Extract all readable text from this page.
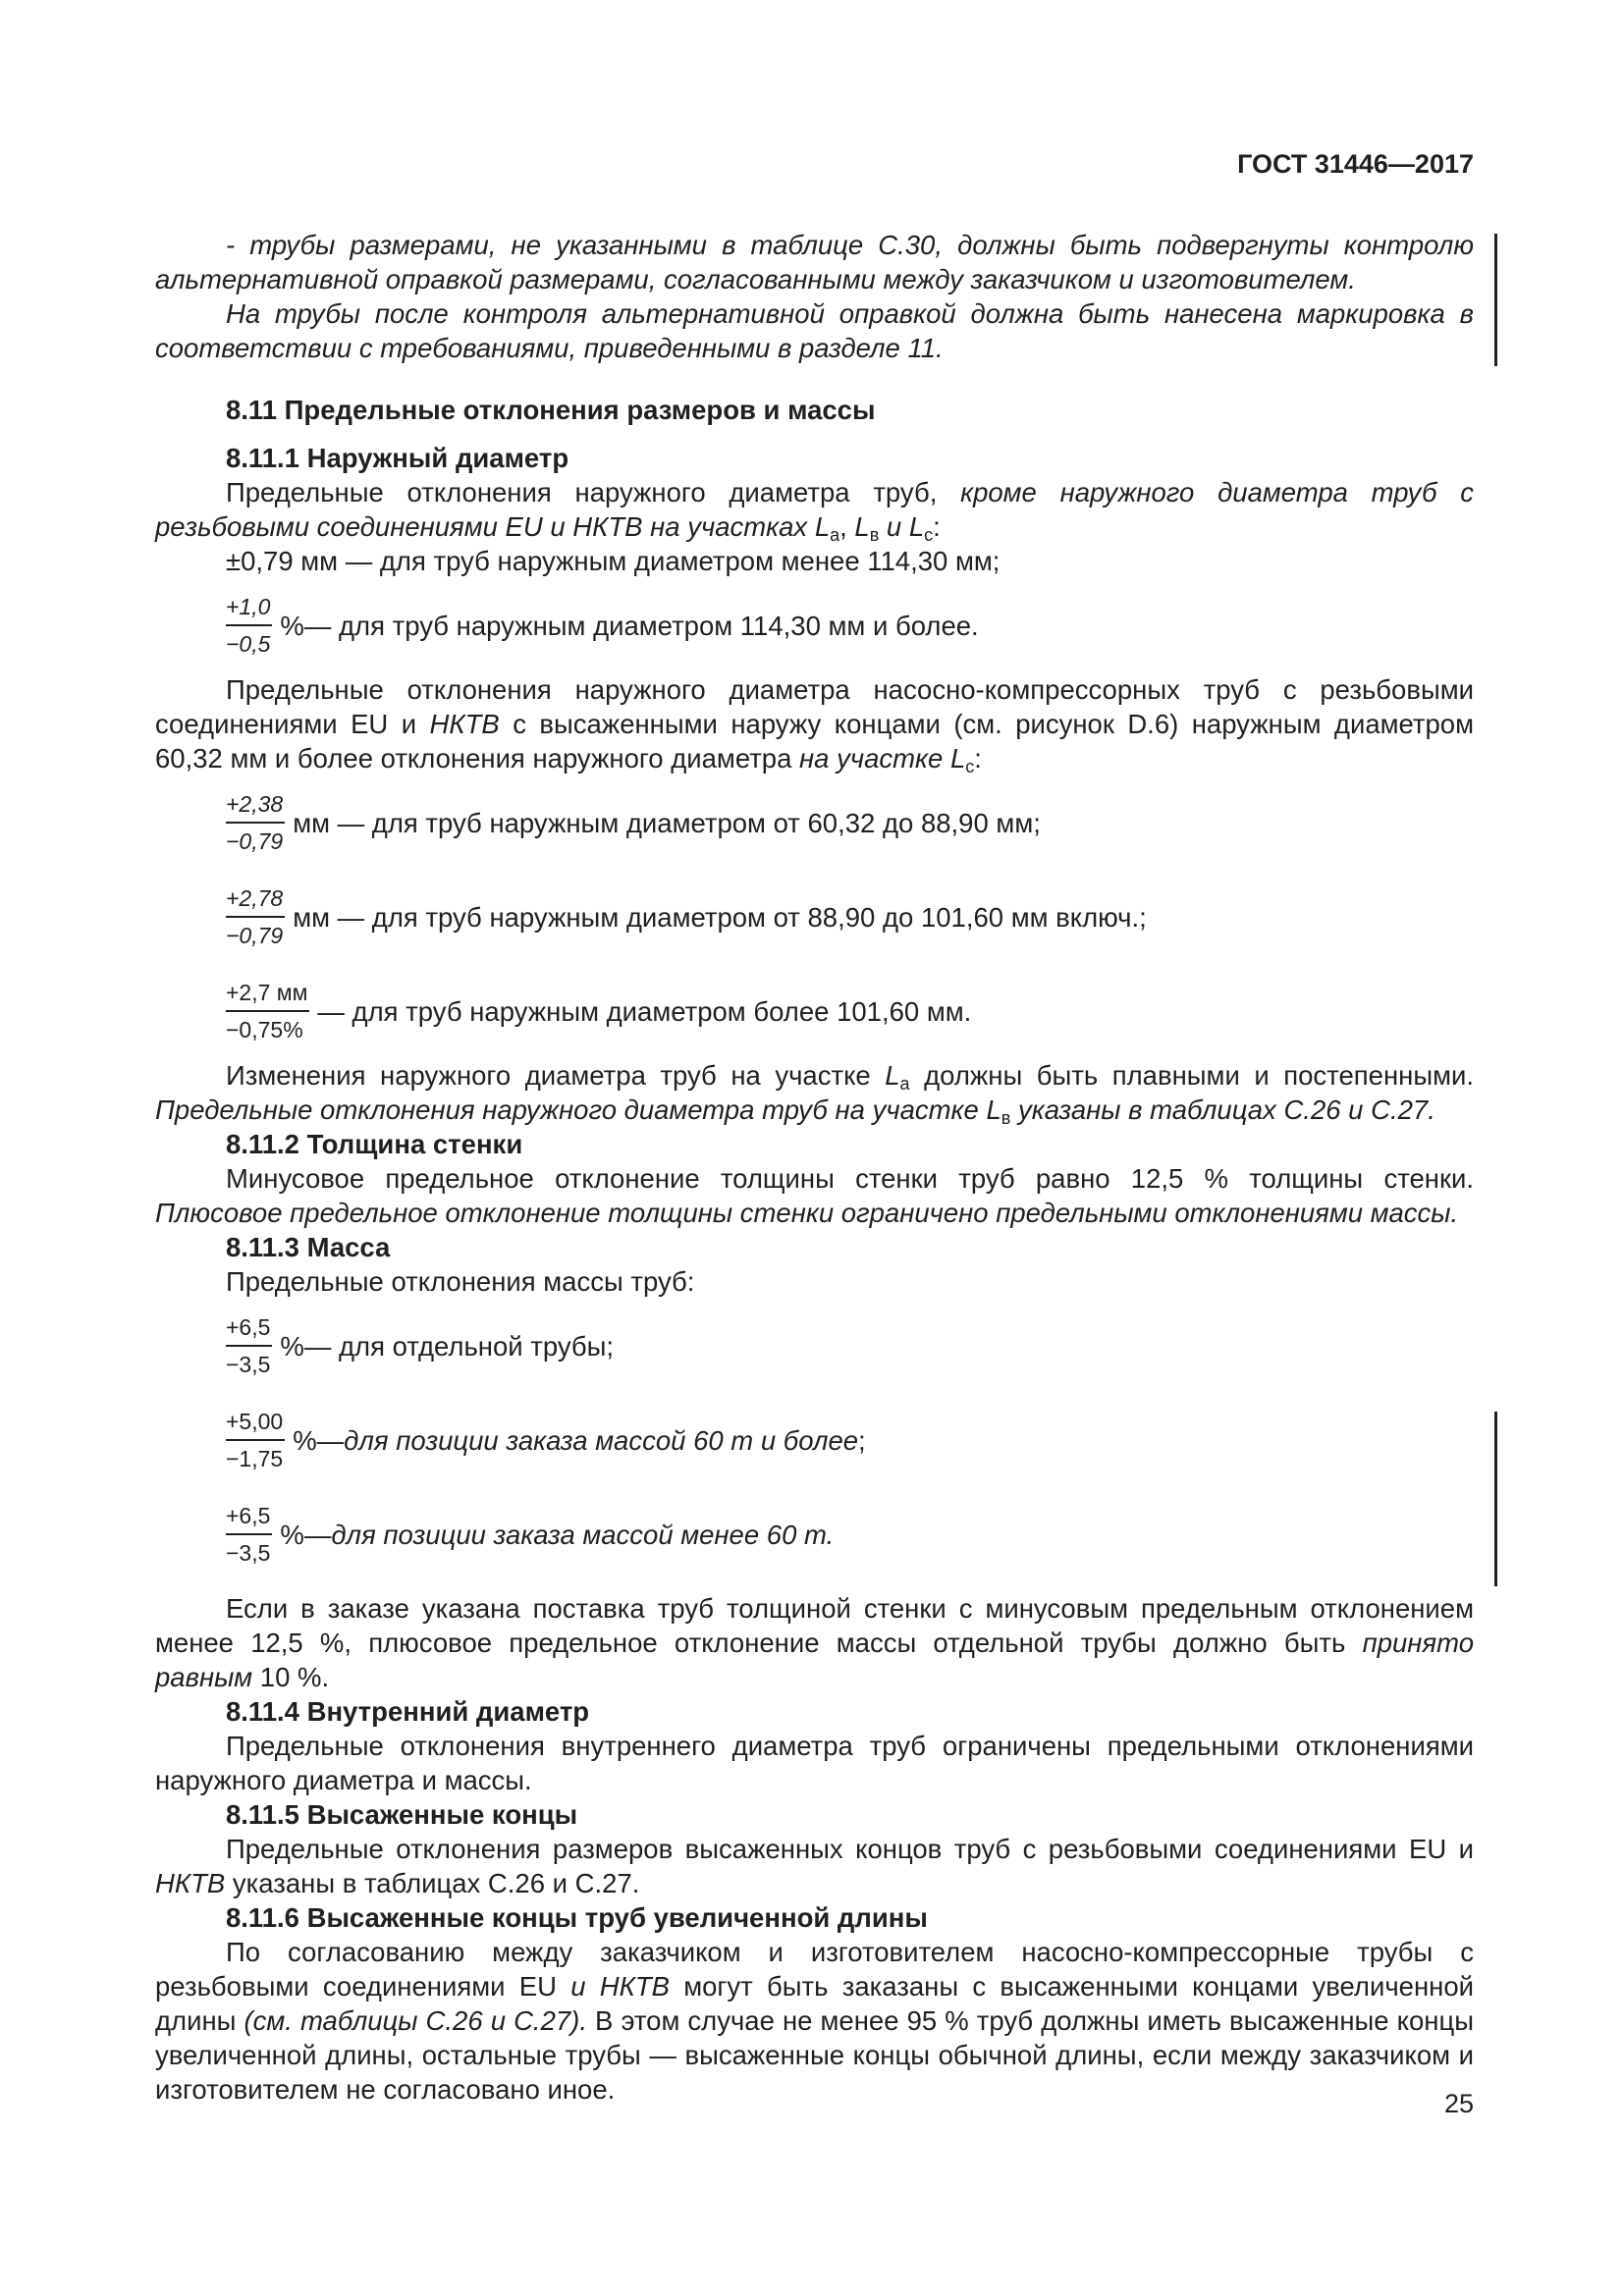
ГОСТ 31446—2017

- трубы размерами, не указанными в таблице С.30, должны быть подвергнуты контролю альтернативной оправкой размерами, согласованными между заказчиком и изготовителем.

На трубы после контроля альтернативной оправкой должна быть нанесена маркировка в соответствии с требованиями, приведенными в разделе 11.

8.11 Предельные отклонения размеров и массы
8.11.1 Наружный диаметр

Предельные отклонения наружного диаметра труб, кроме наружного диаметра труб с резьбовыми соединениями EU и НКТВ на участках $L_а$, $L_в$ и $L_c$:

±0,79 мм — для труб наружным диаметром менее 114,30 мм;

$\frac{+1,0}{-0,5}$ % — для труб наружным диаметром 114,30 мм и более.

Предельные отклонения наружного диаметра насосно-компрессорных труб с резьбовыми соединениями EU и НКТВ с высаженными наружу концами (см. рисунок D.6) наружным диаметром 60,32 мм и более отклонения наружного диаметра на участке $L_c$:

$\frac{+2,38}{-0,79}$ мм — для труб наружным диаметром от 60,32 до 88,90 мм;
$\frac{+2,78}{-0,79}$ мм — для труб наружным диаметром от 88,90 до 101,60 мм включ.;
$\frac{+2,7 мм}{-0,75\%}$ — для труб наружным диаметром более 101,60 мм.

Изменения наружного диаметра труб на участке $L_а$ должны быть плавными и постепенными. Предельные отклонения наружного диаметра труб на участке $L_в$ указаны в таблицах С.26 и С.27.

8.11.2 Толщина стенки

Минусовое предельное отклонение толщины стенки труб равно 12,5 % толщины стенки. Плюсовое предельное отклонение толщины стенки ограничено предельными отклонениями массы.

8.11.3 Масса

Предельные отклонения массы труб:

$\frac{+6,5}{-3,5}$ % — для отдельной трубы;
$\frac{+5,00}{-1,75}$ % — для позиции заказа массой 60 т и более ;
$\frac{+6,5}{-3,5}$ % — для позиции заказа массой менее 60 т.

Если в заказе указана поставка труб толщиной стенки с минусовым предельным отклонением менее 12,5 %, плюсовое предельное отклонение массы отдельной трубы должно быть принято равным 10 %.

8.11.4 Внутренний диаметр

Предельные отклонения внутреннего диаметра труб ограничены предельными отклонениями наружного диаметра и массы.

8.11.5 Высаженные концы

Предельные отклонения размеров высаженных концов труб с резьбовыми соединениями EU и НКТВ указаны в таблицах С.26 и С.27.

8.11.6 Высаженные концы труб увеличенной длины

По согласованию между заказчиком и изготовителем насосно-компрессорные трубы с резьбовыми соединениями EU и НКТВ могут быть заказаны с высаженными концами увеличенной длины (см. таблицы С.26 и С.27). В этом случае не менее 95 % труб должны иметь высаженные концы увеличенной длины, остальные трубы — высаженные концы обычной длины, если между заказчиком и изготовителем не согласовано иное.	25
